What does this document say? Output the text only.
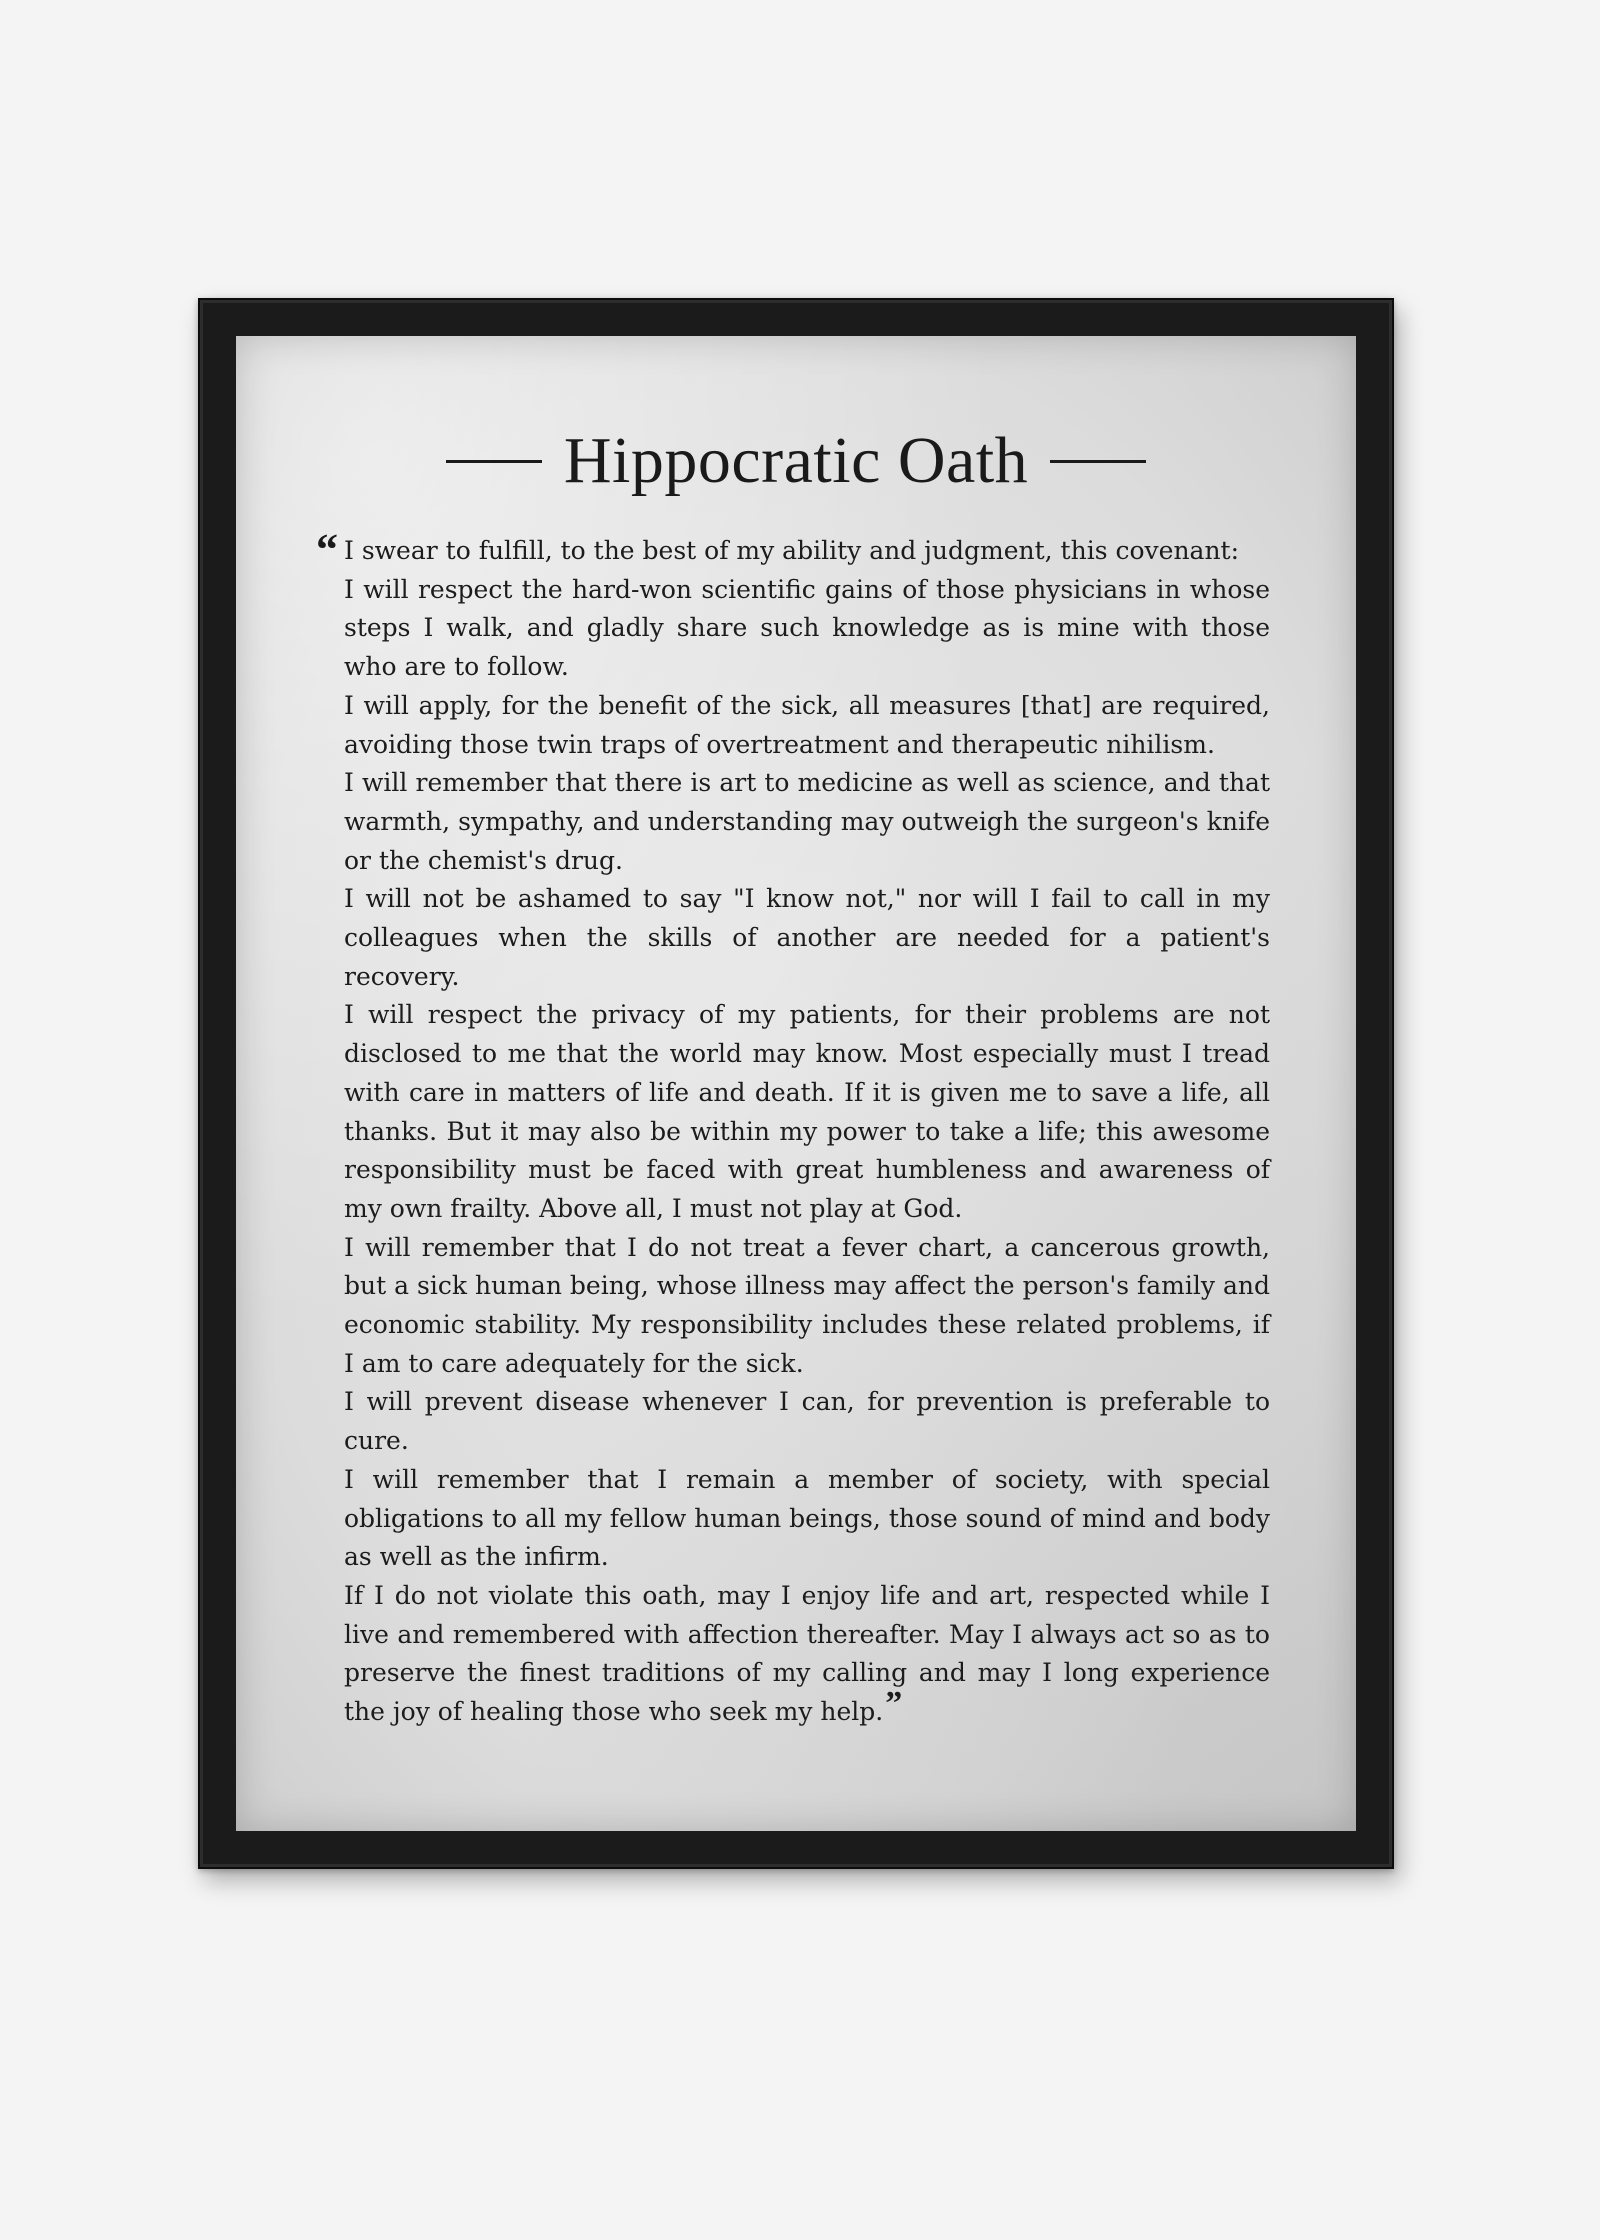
Hippocratic Oath
“ I swear to fulfill, to the best of my ability and judgment, this covenant:

I will respect the hard-won scientific gains of those physicians in whose steps I walk, and gladly share such knowledge as is mine with those who are to follow.

I will apply, for the benefit of the sick, all measures [that] are required, avoiding those twin traps of overtreatment and therapeutic nihilism.

I will remember that there is art to medicine as well as science, and that warmth, sympathy, and understanding may outweigh the surgeon's knife or the chemist's drug.

I will not be ashamed to say "I know not," nor will I fail to call in my colleagues when the skills of another are needed for a patient's recovery.

I will respect the privacy of my patients, for their problems are not disclosed to me that the world may know. Most especially must I tread with care in matters of life and death. If it is given me to save a life, all thanks. But it may also be within my power to take a life; this awesome responsibility must be faced with great humbleness and awareness of my own frailty. Above all, I must not play at God.

I will remember that I do not treat a fever chart, a cancerous growth, but a sick human being, whose illness may affect the person's family and economic stability. My responsibility includes these related problems, if I am to care adequately for the sick.

I will prevent disease whenever I can, for prevention is preferable to cure.

I will remember that I remain a member of society, with special obligations to all my fellow human beings, those sound of mind and body as well as the infirm.

If I do not violate this oath, may I enjoy life and art, respected while I live and remembered with affection thereafter. May I always act so as to preserve the finest traditions of my calling and may I long experience the joy of healing those who seek my help.”
